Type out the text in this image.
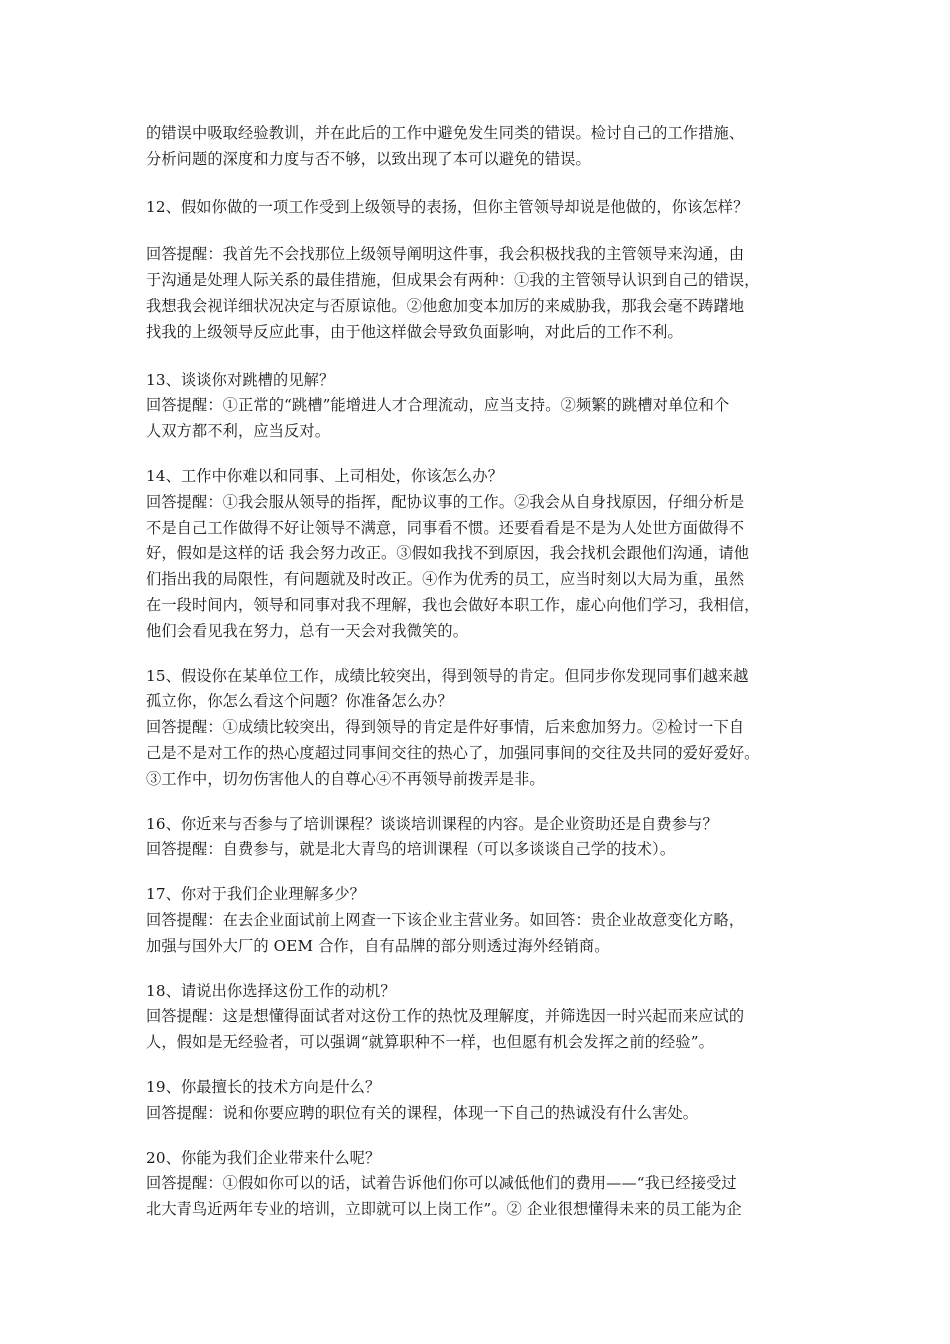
的错误中吸取经验教训，并在此后的工作中避免发生同类的错误。检讨自己的工作措施、
分析问题的深度和力度与否不够，以致出现了本可以避免的错误。
12、假如你做的一项工作受到上级领导的表扬，但你主管领导却说是他做的，你该怎样？
回答提醒：我首先不会找那位上级领导阐明这件事，我会积极找我的主管领导来沟通，由
于沟通是处理人际关系的最佳措施，但成果会有两种：①我的主管领导认识到自己的错误，
我想我会视详细状况决定与否原谅他。②他愈加变本加厉的来威胁我，那我会毫不踌躇地
找我的上级领导反应此事，由于他这样做会导致负面影响，对此后的工作不利。
13、谈谈你对跳槽的见解？
回答提醒：①正常的“跳槽”能增进人才合理流动，应当支持。②频繁的跳槽对单位和个
人双方都不利，应当反对。
14、工作中你难以和同事、上司相处，你该怎么办？
回答提醒：①我会服从领导的指挥，配协议事的工作。②我会从自身找原因，仔细分析是
不是自己工作做得不好让领导不满意，同事看不惯。还要看看是不是为人处世方面做得不
好，假如是这样的话 我会努力改正。③假如我找不到原因，我会找机会跟他们沟通，请他
们指出我的局限性，有问题就及时改正。④作为优秀的员工，应当时刻以大局为重，虽然
在一段时间内，领导和同事对我不理解，我也会做好本职工作，虚心向他们学习，我相信，
他们会看见我在努力，总有一天会对我微笑的。
15、假设你在某单位工作，成绩比较突出，得到领导的肯定。但同步你发现同事们越来越
孤立你，你怎么看这个问题？你准备怎么办？
回答提醒：①成绩比较突出，得到领导的肯定是件好事情，后来愈加努力。②检讨一下自
己是不是对工作的热心度超过同事间交往的热心了，加强同事间的交往及共同的爱好爱好。
③工作中，切勿伤害他人的自尊心④不再领导前拨弄是非。
16、你近来与否参与了培训课程？谈谈培训课程的内容。是企业资助还是自费参与？
回答提醒：自费参与，就是北大青鸟的培训课程（可以多谈谈自己学的技术）。
17、你对于我们企业理解多少？
回答提醒：在去企业面试前上网查一下该企业主营业务。如回答：贵企业故意变化方略，
加强与国外大厂的 OEM 合作，自有品牌的部分则透过海外经销商。
18、请说出你选择这份工作的动机？
回答提醒：这是想懂得面试者对这份工作的热忱及理解度，并筛选因一时兴起而来应试的
人，假如是无经验者，可以强调“就算职种不一样，也但愿有机会发挥之前的经验”。
19、你最擅长的技术方向是什么？
回答提醒：说和你要应聘的职位有关的课程，体现一下自己的热诚没有什么害处。
20、你能为我们企业带来什么呢？
回答提醒：①假如你可以的话，试着告诉他们你可以减低他们的费用——“我已经接受过
北大青鸟近两年专业的培训，立即就可以上岗工作”。② 企业很想懂得未来的员工能为企
